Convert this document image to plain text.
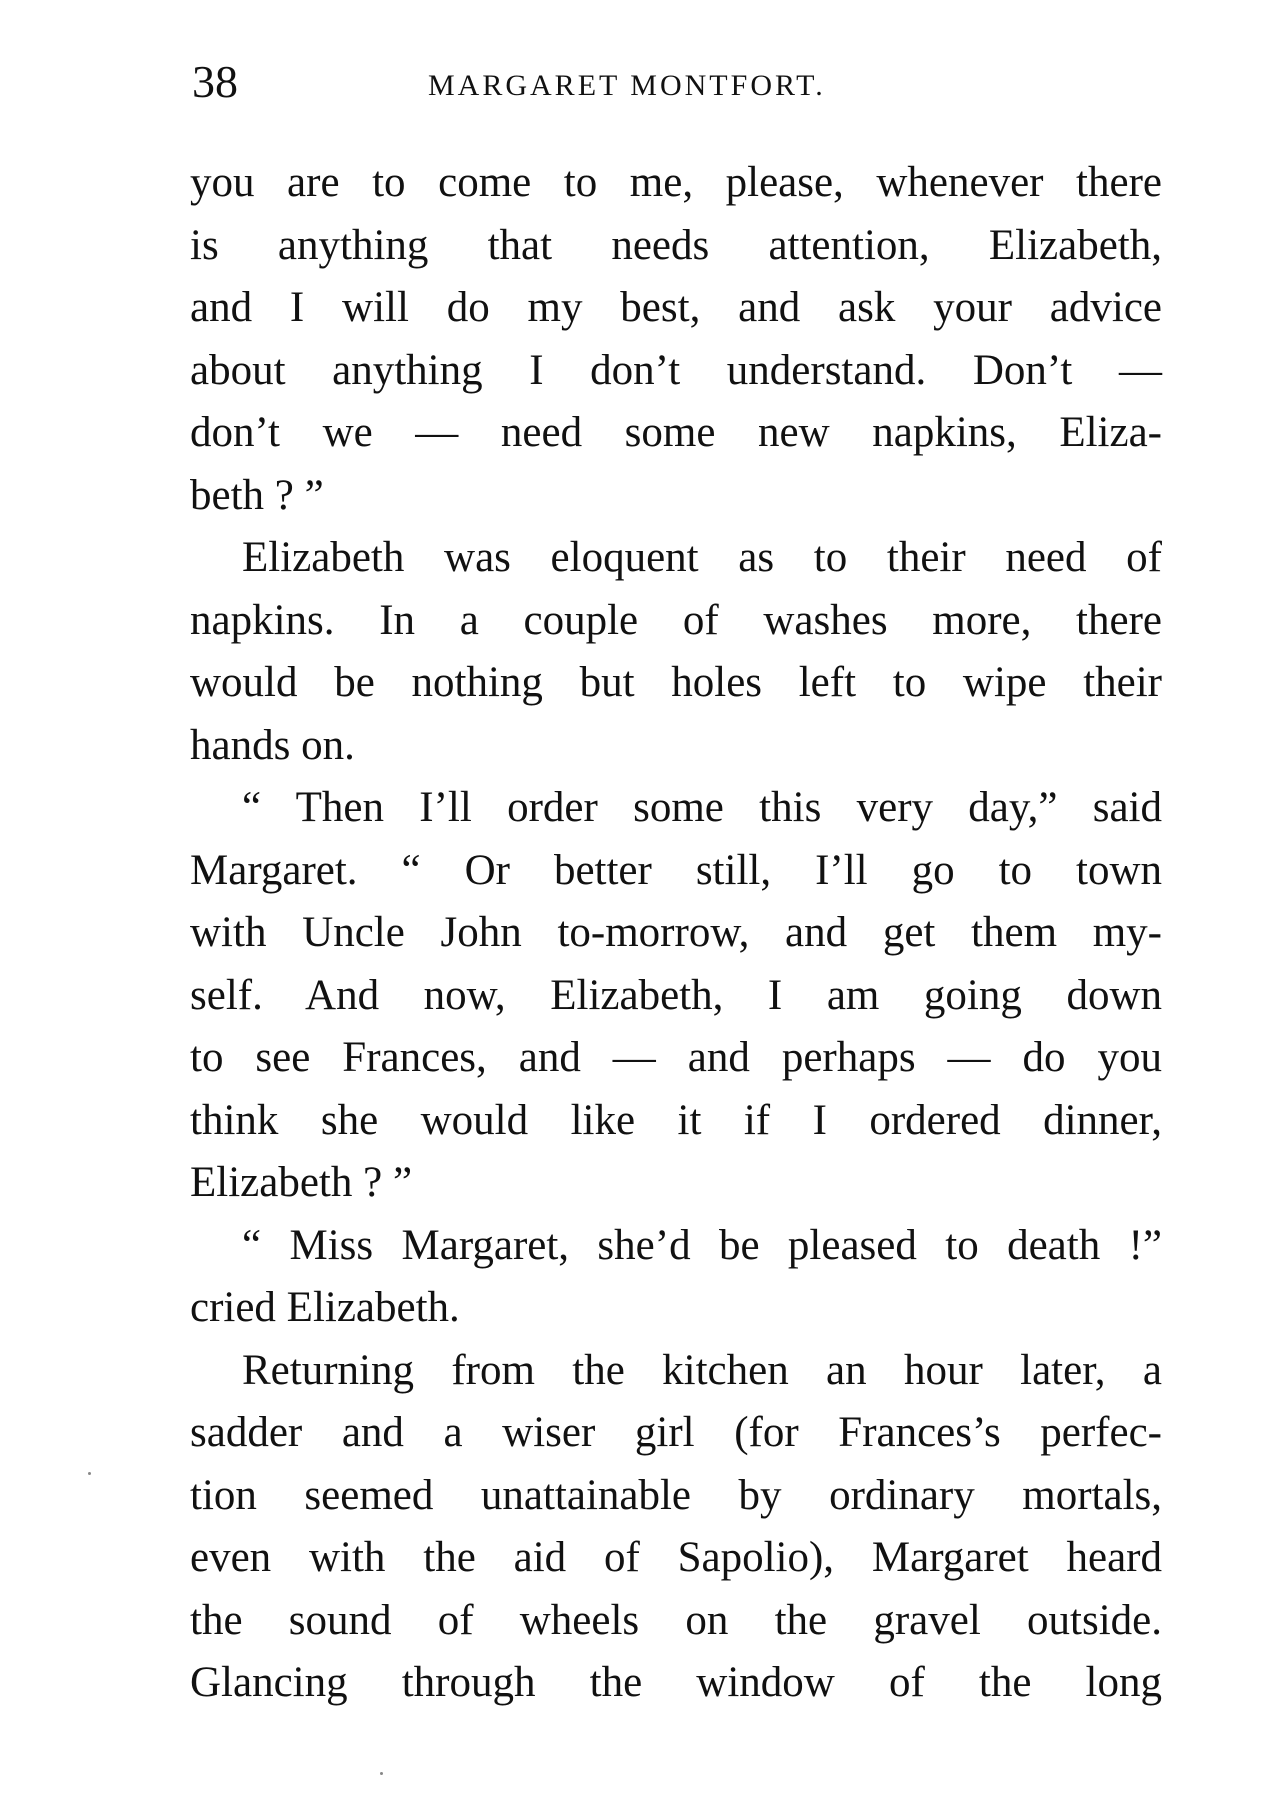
38	MARGARET MONTFORT.
you are to come to me, please, whenever there
is anything that needs attention, Elizabeth,
and I will do my best, and ask your advice
about anything I don’t understand. Don’t —
don’t we — need some new napkins, Eliza-
beth ? ”
Elizabeth was eloquent as to their need of
napkins. In a couple of washes more, there
would be nothing but holes left to wipe their
hands on.
“ Then I’ll order some this very day,” said
Margaret. “ Or better still, I’ll go to town
with Uncle John to-morrow, and get them my-
self. And now, Elizabeth, I am going down
to see Frances, and — and perhaps — do you
think she would like it if I ordered dinner,
Elizabeth ? ”
“ Miss Margaret, she’d be pleased to death !”
cried Elizabeth.
Returning from the kitchen an hour later, a
sadder and a wiser girl (for Frances’s perfec-
tion seemed unattainable by ordinary mortals,
even with the aid of Sapolio), Margaret heard
the sound of wheels on the gravel outside.
Glancing through the window of the long
